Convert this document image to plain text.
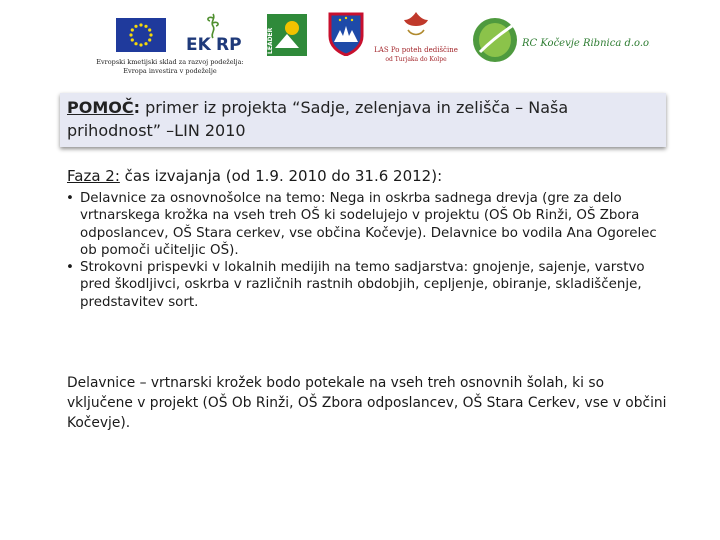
EK RP	LEADER	LAS Po poteh dediščine
od Turjaka do Kolpe
RC Kočevje Ribnica d.o.o.
Evropski kmetijski sklad za razvoj podeželja:
Evropa investira v podeželje
POMOČ: primer iz projekta “Sadje, zelenjava in zelišča – Naša prihodnost” –LIN 2010
Faza 2: čas izvajanja (od 1.9. 2010 do 31.6 2012):
• Delavnice za osnovnošolce na temo: Nega in oskrba sadnega drevja (gre za delo vrtnarskega krožka na vseh treh OŠ ki sodelujejo v projektu (OŠ Ob Rinži, OŠ Zbora odposlancev, OŠ Stara cerkev, vse občina Kočevje). Delavnice bo vodila Ana Ogorelec ob pomoči učiteljic OŠ).
• Strokovni prispevki v lokalnih medijih na temo sadjarstva: gnojenje, sajenje, varstvo pred škodljivci, oskrba v različnih rastnih obdobjih, cepljenje, obiranje, skladiščenje, predstavitev sort.
Delavnice – vrtnarski krožek bodo potekale na vseh treh osnovnih šolah, ki so vključene v projekt (OŠ Ob Rinži, OŠ Zbora odposlancev, OŠ Stara Cerkev, vse v občini Kočevje).
